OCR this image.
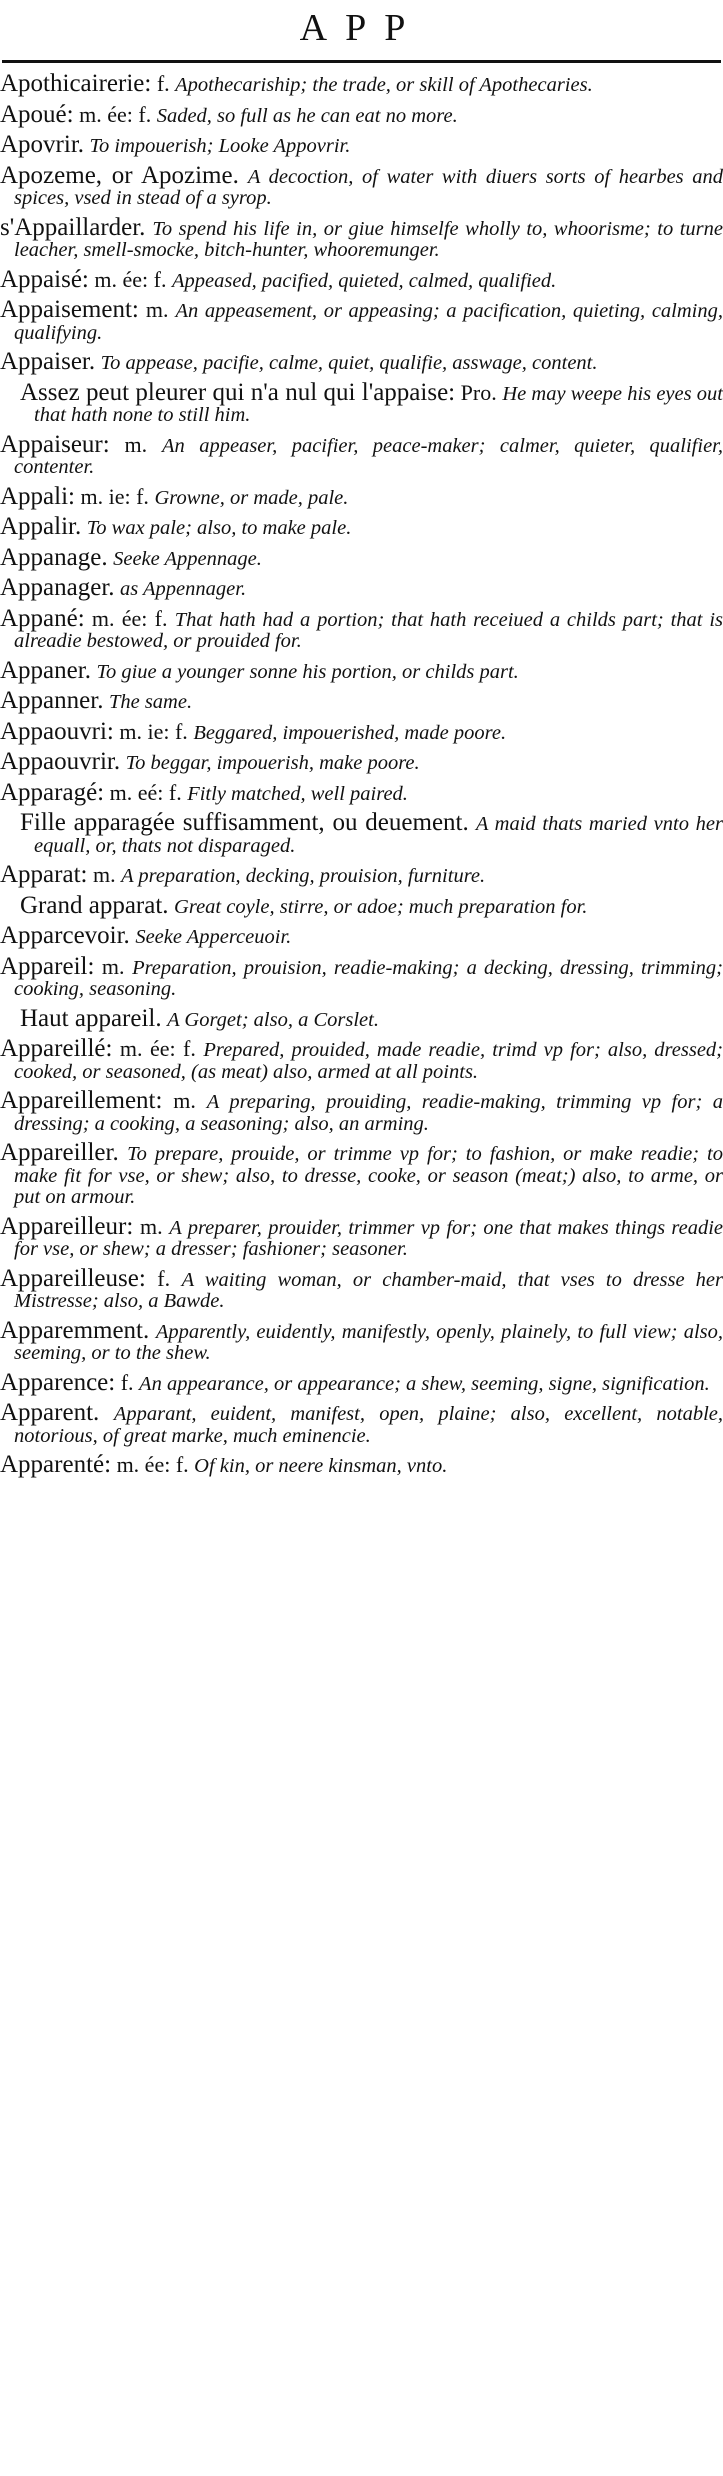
APP
Apothicairerie: f. Apothecariship; the trade, or skill of Apothecaries.
Apoué: m. ée: f. Saded, so full as he can eat no more.
Apovrir. To impouerish; Looke Appovrir.
Apozeme, or Apozime. A decoction, of water with diuers sorts of hearbes and spices, vsed in stead of a syrop.
s'Appaillarder. To spend his life in, or giue himselfe wholly to, whoorisme; to turne leacher, smell-smocke, bitch-hunter, whooremunger.
Appaisé: m. ée: f. Appeased, pacified, quieted, calmed, qualified.
Appaisement: m. An appeasement, or appeasing; a pacification, quieting, calming, qualifying.
Appaiser. To appease, pacifie, calme, quiet, qualifie, asswage, content.
Assez peut pleurer qui n'a nul qui l'appaise: Pro. He may weepe his eyes out that hath none to still him.
Appaiseur: m. An appeaser, pacifier, peace-maker; calmer, quieter, qualifier, contenter.
Appali: m. ie: f. Growne, or made, pale.
Appalir. To wax pale; also, to make pale.
Appanage. Seeke Appennage.
Appanager. as Appennager.
Appané: m. ée: f. That hath had a portion; that hath receiued a childs part; that is alreadie bestowed, or prouided for.
Appaner. To giue a younger sonne his portion, or childs part.
Appanner. The same.
Appaouvri: m. ie: f. Beggared, impouerished, made poore.
Appaouvrir. To beggar, impouerish, make poore.
Apparagé: m. eé: f. Fitly matched, well paired.
Fille apparagée suffisamment, ou deuement. A maid thats maried vnto her equall, or, thats not disparaged.
Apparat: m. A preparation, decking, prouision, furniture.
Grand apparat. Great coyle, stirre, or adoe; much preparation for.
Apparcevoir. Seeke Apperceuoir.
Appareil: m. Preparation, prouision, readie-making; a decking, dressing, trimming; cooking, seasoning.
Haut appareil. A Gorget; also, a Corslet.
Appareillé: m. ée: f. Prepared, prouided, made readie, trimd vp for; also, dressed; cooked, or seasoned, (as meat) also, armed at all points.
Appareillement: m. A preparing, prouiding, readie-making, trimming vp for; a dressing; a cooking, a seasoning; also, an arming.
Appareiller. To prepare, prouide, or trimme vp for; to fashion, or make readie; to make fit for vse, or shew; also, to dresse, cooke, or season (meat;) also, to arme, or put on armour.
Appareilleur: m. A preparer, prouider, trimmer vp for; one that makes things readie for vse, or shew; a dresser; fashioner; seasoner.
Appareilleuse: f. A waiting woman, or chamber-maid, that vses to dresse her Mistresse; also, a Bawde.
Apparemment. Apparently, euidently, manifestly, openly, plainely, to full view; also, seeming, or to the shew.
Apparence: f. An appearance, or appearance; a shew, seeming, signe, signification.
Apparent. Apparant, euident, manifest, open, plaine; also, excellent, notable, notorious, of great marke, much eminencie.
Apparenté: m. ée: f. Of kin, or neere kinsman, vnto.
